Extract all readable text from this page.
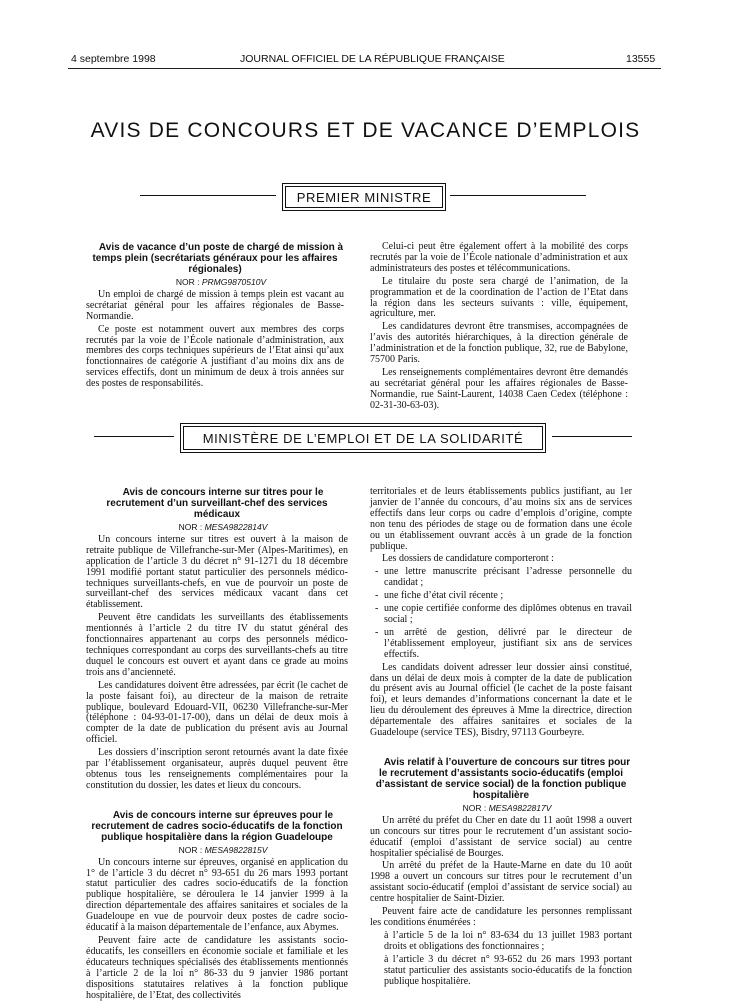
4 septembre 1998	JOURNAL OFFICIEL DE LA RÉPUBLIQUE FRANÇAISE	13555
AVIS DE CONCOURS ET DE VACANCE D’EMPLOIS
PREMIER MINISTRE

Avis de vacance d’un poste de chargé de mission à temps plein (secrétariats généraux pour les affaires régionales)

NOR : PRMG9870510V

Un emploi de chargé de mission à temps plein est vacant au secrétariat général pour les affaires régionales de Basse-Normandie.

Ce poste est notamment ouvert aux membres des corps recrutés par la voie de l’École nationale d’administration, aux membres des corps techniques supérieurs de l’Etat ainsi qu’aux fonctionnaires de catégorie A justifiant d’au moins dix ans de services effectifs, dont un minimum de deux à trois années sur des postes de responsabilités.

Celui-ci peut être également offert à la mobilité des corps recrutés par la voie de l’École nationale d’administration et aux administrateurs des postes et télécommunications.

Le titulaire du poste sera chargé de l’animation, de la programmation et de la coordination de l’action de l’Etat dans la région dans les secteurs suivants : ville, équipement, agriculture, mer.

Les candidatures devront être transmises, accompagnées de l’avis des autorités hiérarchiques, à la direction générale de l’administration et de la fonction publique, 32, rue de Babylone, 75700 Paris.

Les renseignements complémentaires devront être demandés au secrétariat général pour les affaires régionales de Basse-Normandie, rue Saint-Laurent, 14038 Caen Cedex (téléphone : 02-31-30-63-03).

MINISTÈRE DE L’EMPLOI ET DE LA SOLIDARITÉ

Avis de concours interne sur titres pour le recrutement d’un surveillant-chef des services médicaux

NOR : MESA9822814V

Un concours interne sur titres est ouvert à la maison de retraite publique de Villefranche-sur-Mer (Alpes-Maritimes), en application de l’article 3 du décret n° 91-1271 du 18 décembre 1991 modifié portant statut particulier des personnels médico-techniques surveillants-chefs, en vue de pourvoir un poste de surveillant-chef des services médicaux vacant dans cet établissement.

Peuvent être candidats les surveillants des établissements mentionnés à l’article 2 du titre IV du statut général des fonctionnaires appartenant au corps des personnels médico-techniques correspondant au corps des surveillants-chefs au titre duquel le concours est ouvert et ayant dans ce grade au moins trois ans d’ancienneté.

Les candidatures doivent être adressées, par écrit (le cachet de la poste faisant foi), au directeur de la maison de retraite publique, boulevard Edouard-VII, 06230 Villefranche-sur-Mer (téléphone : 04-93-01-17-00), dans un délai de deux mois à compter de la date de publication du présent avis au Journal officiel.

Les dossiers d’inscription seront retournés avant la date fixée par l’établissement organisateur, auprès duquel peuvent être obtenus tous les renseignements complémentaires pour la constitution du dossier, les dates et lieux du concours.

Avis de concours interne sur épreuves pour le recrutement de cadres socio-éducatifs de la fonction publique hospitalière dans la région Guadeloupe

NOR : MESA9822815V

Un concours interne sur épreuves, organisé en application du 1° de l’article 3 du décret n° 93-651 du 26 mars 1993 portant statut particulier des cadres socio-éducatifs de la fonction publique hospitalière, se déroulera le 14 janvier 1999 à la direction départementale des affaires sanitaires et sociales de la Guadeloupe en vue de pourvoir deux postes de cadre socio-éducatif à la maison départementale de l’enfance, aux Abymes.

Peuvent faire acte de candidature les assistants socio-éducatifs, les conseillers en économie sociale et familiale et les éducateurs techniques spécialisés des établissements mentionnés à l’article 2 de la loi n° 86-33 du 9 janvier 1986 portant dispositions statutaires relatives à la fonction publique hospitalière, de l’Etat, des collectivités

territoriales et de leurs établissements publics justifiant, au 1er janvier de l’année du concours, d’au moins six ans de services effectifs dans leur corps ou cadre d’emplois d’origine, compte non tenu des périodes de stage ou de formation dans une école ou un établissement ouvrant accès à un grade de la fonction publique.

Les dossiers de candidature comporteront :

- une lettre manuscrite précisant l’adresse personnelle du candidat ;

- une fiche d’état civil récente ;

- une copie certifiée conforme des diplômes obtenus en travail social ;

- un arrêté de gestion, délivré par le directeur de l’établissement employeur, justifiant six ans de services effectifs.

Les candidats doivent adresser leur dossier ainsi constitué, dans un délai de deux mois à compter de la date de publication du présent avis au Journal officiel (le cachet de la poste faisant foi), et leurs demandes d’informations concernant la date et le lieu du déroulement des épreuves à Mme la directrice, direction départementale des affaires sanitaires et sociales de la Guadeloupe (service TES), Bisdry, 97113 Gourbeyre.

Avis relatif à l’ouverture de concours sur titres pour le recrutement d’assistants socio-éducatifs (emploi d’assistant de service social) de la fonction publique hospitalière

NOR : MESA9822817V

Un arrêté du préfet du Cher en date du 11 août 1998 a ouvert un concours sur titres pour le recrutement d’un assistant socio-éducatif (emploi d’assistant de service social) au centre hospitalier spécialisé de Bourges.

Un arrêté du préfet de la Haute-Marne en date du 10 août 1998 a ouvert un concours sur titres pour le recrutement d’un assistant socio-éducatif (emploi d’assistant de service social) au centre hospitalier de Saint-Dizier.

Peuvent faire acte de candidature les personnes remplissant les conditions énumérées :

à l’article 5 de la loi n° 83-634 du 13 juillet 1983 portant droits et obligations des fonctionnaires ;

à l’article 3 du décret n° 93-652 du 26 mars 1993 portant statut particulier des assistants socio-éducatifs de la fonction publique hospitalière.
